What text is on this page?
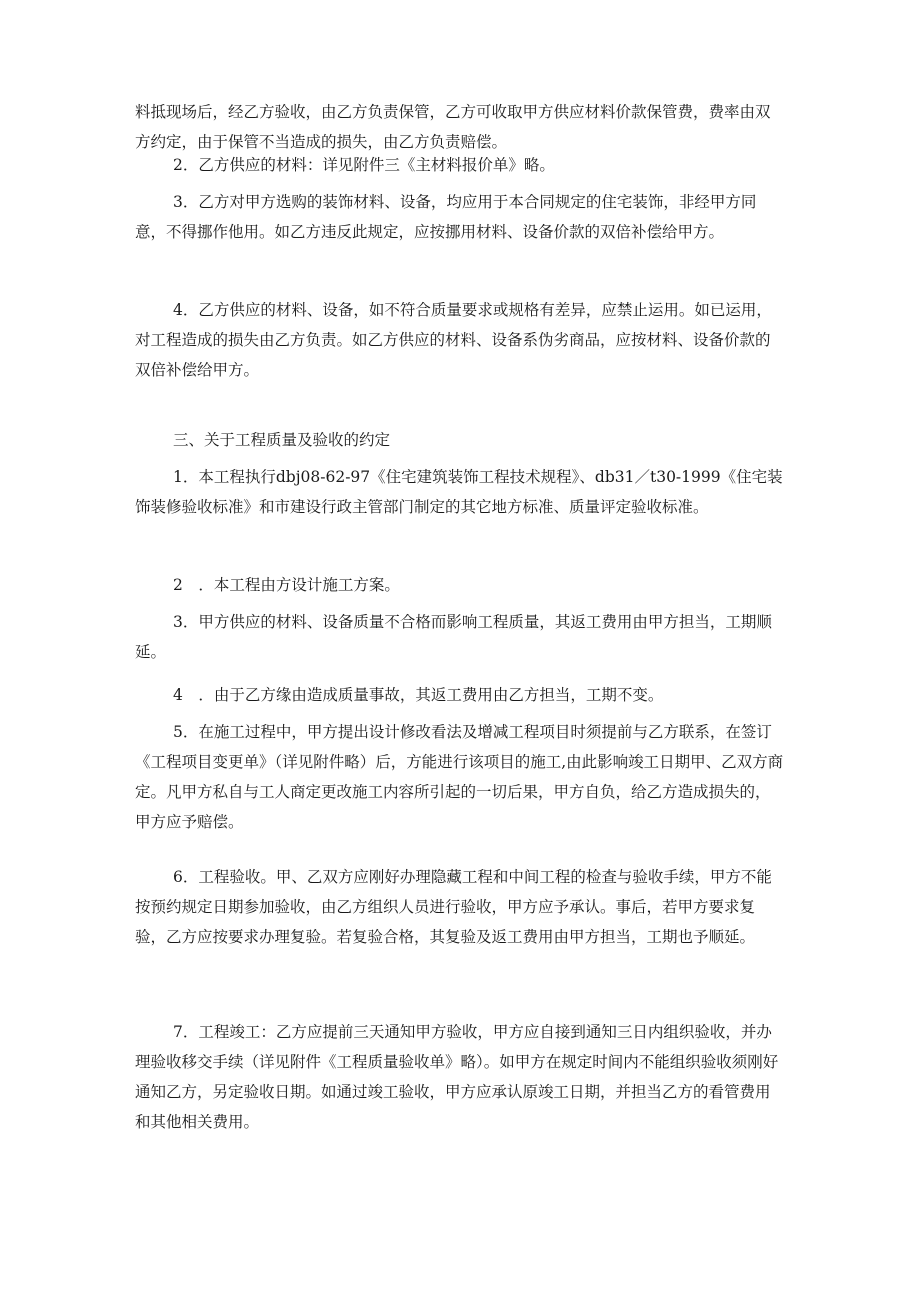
料抵现场后，经乙方验收，由乙方负责保管，乙方可收取甲方供应材料价款保管费，费率由双方约定，由于保管不当造成的损失，由乙方负责赔偿。

2．乙方供应的材料：详见附件三《主材料报价单》略。

3．乙方对甲方选购的装饰材料、设备，均应用于本合同规定的住宅装饰，非经甲方同意，不得挪作他用。如乙方违反此规定，应按挪用材料、设备价款的双倍补偿给甲方。

4．乙方供应的材料、设备，如不符合质量要求或规格有差异，应禁止运用。如已运用，对工程造成的损失由乙方负责。如乙方供应的材料、设备系伪劣商品，应按材料、设备价款的双倍补偿给甲方。

三、关于工程质量及验收的约定

1．本工程执行dbj08-62-97《住宅建筑装饰工程技术规程》、db31／t30-1999《住宅装饰装修验收标准》和市建设行政主管部门制定的其它地方标准、质量评定验收标准。

2　．本工程由方设计施工方案。

3．甲方供应的材料、设备质量不合格而影响工程质量，其返工费用由甲方担当，工期顺延。

4　．由于乙方缘由造成质量事故，其返工费用由乙方担当，工期不变。

5．在施工过程中，甲方提出设计修改看法及增减工程项目时须提前与乙方联系，在签订《工程项目变更单》（详见附件略）后，方能进行该项目的施工,由此影响竣工日期甲、乙双方商定。凡甲方私自与工人商定更改施工内容所引起的一切后果，甲方自负，给乙方造成损失的，甲方应予赔偿。

6．工程验收。甲、乙双方应刚好办理隐藏工程和中间工程的检查与验收手续，甲方不能按预约规定日期参加验收，由乙方组织人员进行验收，甲方应予承认。事后，若甲方要求复验，乙方应按要求办理复验。若复验合格，其复验及返工费用由甲方担当，工期也予顺延。

7．工程竣工：乙方应提前三天通知甲方验收，甲方应自接到通知三日内组织验收，并办理验收移交手续（详见附件《工程质量验收单》略）。如甲方在规定时间内不能组织验收须刚好通知乙方，另定验收日期。如通过竣工验收，甲方应承认原竣工日期，并担当乙方的看管费用和其他相关费用。
